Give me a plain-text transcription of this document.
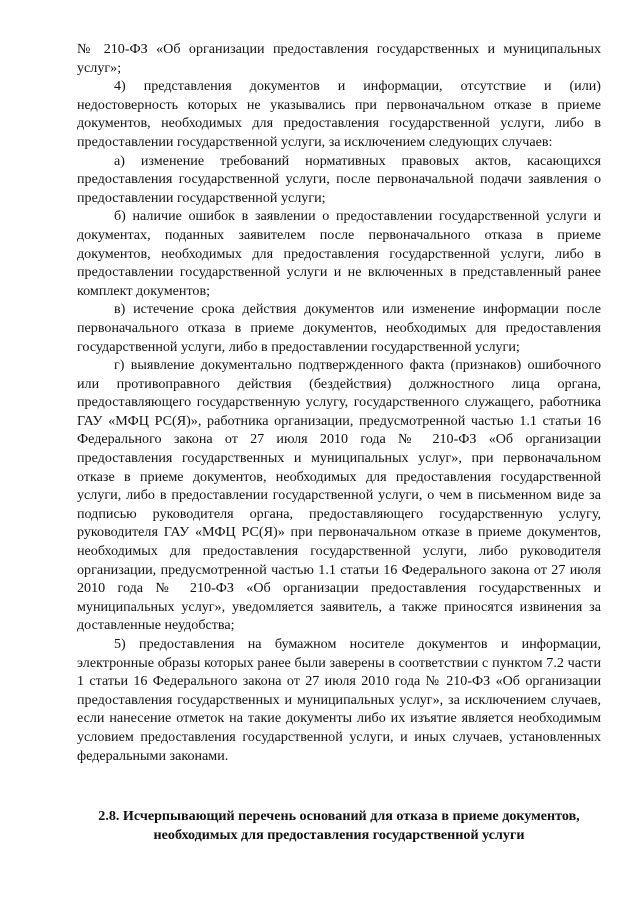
№ 210-ФЗ «Об организации предоставления государственных и муниципальных услуг»;

4) представления документов и информации, отсутствие и (или) недостоверность которых не указывались при первоначальном отказе в приеме документов, необходимых для предоставления государственной услуги, либо в предоставлении государственной услуги, за исключением следующих случаев:

а) изменение требований нормативных правовых актов, касающихся предоставления государственной услуги, после первоначальной подачи заявления о предоставлении государственной услуги;

б) наличие ошибок в заявлении о предоставлении государственной услуги и документах, поданных заявителем после первоначального отказа в приеме документов, необходимых для предоставления государственной услуги, либо в предоставлении государственной услуги и не включенных в представленный ранее комплект документов;

в) истечение срока действия документов или изменение информации после первоначального отказа в приеме документов, необходимых для предоставления государственной услуги, либо в предоставлении государственной услуги;

г) выявление документально подтвержденного факта (признаков) ошибочного или противоправного действия (бездействия) должностного лица органа, предоставляющего государственную услугу, государственного служащего, работника ГАУ «МФЦ РС(Я)», работника организации, предусмотренной частью 1.1 статьи 16 Федерального закона от 27 июля 2010 года № 210-ФЗ «Об организации предоставления государственных и муниципальных услуг», при первоначальном отказе в приеме документов, необходимых для предоставления государственной услуги, либо в предоставлении государственной услуги, о чем в письменном виде за подписью руководителя органа, предоставляющего государственную услугу, руководителя ГАУ «МФЦ РС(Я)» при первоначальном отказе в приеме документов, необходимых для предоставления государственной услуги, либо руководителя организации, предусмотренной частью 1.1 статьи 16 Федерального закона от 27 июля 2010 года № 210-ФЗ «Об организации предоставления государственных и муниципальных услуг», уведомляется заявитель, а также приносятся извинения за доставленные неудобства;

5) предоставления на бумажном носителе документов и информации, электронные образы которых ранее были заверены в соответствии с пунктом 7.2 части 1 статьи 16 Федерального закона от 27 июля 2010 года № 210-ФЗ «Об организации предоставления государственных и муниципальных услуг», за исключением случаев, если нанесение отметок на такие документы либо их изъятие является необходимым условием предоставления государственной услуги, и иных случаев, установленных федеральными законами.

2.8. Исчерпывающий перечень оснований для отказа в приеме документов,
необходимых для предоставления государственной услуги
